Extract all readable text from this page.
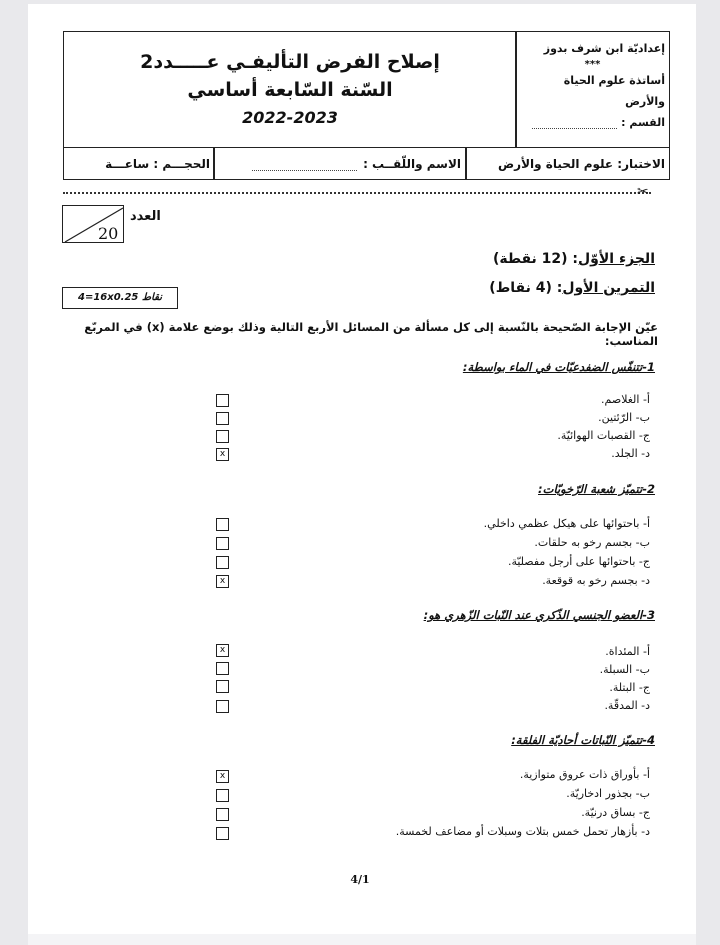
إعداديّة ابن شرف بدوز
***
أساتذة علوم الحياة والأرض
القسم :
إصلاح الفرض التأليفـي عـــــدد2
السّنة السّابعة أساسي
2022-2023
الاختبار: علوم الحياة والأرض
الاسم واللّقــب :
الحجـــم : ساعـــة
✂
20
العدد
الجزء الأوّل: (12 نقطة)
التمرين الأول: (4 نقاط)
4=16x0.25 نقاط
عيّن الإجابة الصّحيحة بالنّسبة إلى كل مسألة من المسائل الأربع التالية وذلك بوضع علامة (x) في المربّع المناسب:
1-تتنفّس الضفدعيّات في الماء بواسطة:
أ- الغلاصم.
ب- الرّئتين.
ج- القصبات الهوائيّة.
د- الجلد.
x
2-تتميّز شعبة الرّخويّات:
أ- باحتوائها على هيكل عظمي داخلي.
ب- بجسم رخو به حلقات.
ج- باحتوائها على أرجل مفصليّة.
د- بجسم رخو به قوقعة.
x
3-العضو الجنسي الذّكري عند النّبات الزّهري هو:
أ- المئداة.
ب- السبلة.
ج- البتلة.
د- المدقّة.
x
4-تتميّز النّباتات أحاديّة الفلقة:
أ- بأوراق ذات عروق متوازية.
ب- بجذور ادخاريّة.
ج- بساق درنيّة.
د- بأزهار تحمل خمس بتلات وسبلات أو مضاعف لخمسة.
x
4/1
